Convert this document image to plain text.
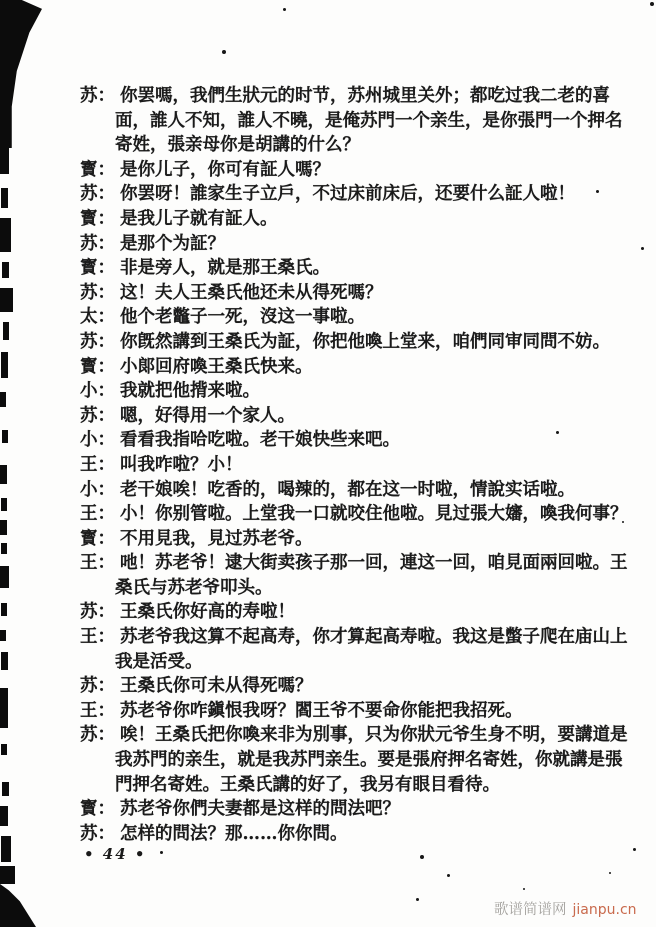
苏： 你罢嗎，我們生狀元的时节，苏州城里关外；都吃过我二老的喜
面，誰人不知，誰人不曉，是俺苏門一个亲生，是你張門一个押名
寄姓，張亲母你是胡講的什么？
寳： 是你儿子，你可有証人嗎？
苏： 你罢呀！誰家生子立戶，不过床前床后，还要什么証人啦！
寳： 是我儿子就有証人。
苏： 是那个为証？
寳： 非是旁人，就是那王桑氏。
苏： 这！夫人王桑氏他还未从得死嗎？
太： 他个老鼈子一死，沒这一事啦。
苏： 你旣然講到王桑氏为証，你把他喚上堂来，咱們同审同問不妨。
寳： 小郞回府喚王桑氏快来。
小： 我就把他揹来啦。
苏： 嗯，好得用一个家人。
小： 看看我指哈吃啦。老干娘快些来吧。
王： 叫我咋啦？小！
小： 老干娘唉！吃香的，喝辣的，都在这一时啦，情說实话啦。
王： 小！你别管啦。上堂我一口就咬住他啦。見过張大嬸，喚我何事？
寳： 不用見我，見过苏老爷。
王： 吔！苏老爷！逮大街卖孩子那一回，連这一回，咱見面兩回啦。王
桑氏与苏老爷叩头。
苏： 王桑氏你好高的寿啦！
王： 苏老爷我这算不起高寿，你才算起高寿啦。我这是蟞子爬在庙山上
我是活受。
苏： 王桑氏你可未从得死嗎？
王： 苏老爷你咋鎭恨我呀？閻王爷不要命你能把我招死。
苏： 唉！王桑氏把你喚来非为別事，只为你狀元爷生身不明，要講道是
我苏門的亲生，就是我苏門亲生。要是張府押名寄姓，你就講是張
門押名寄姓。王桑氏講的好了，我另有眼目看待。
寳： 苏老爷你們夫妻都是这样的問法吧？
苏： 怎样的問法？那……你你問。
• 44 •
歌谱简谱网 jianpu.cn
